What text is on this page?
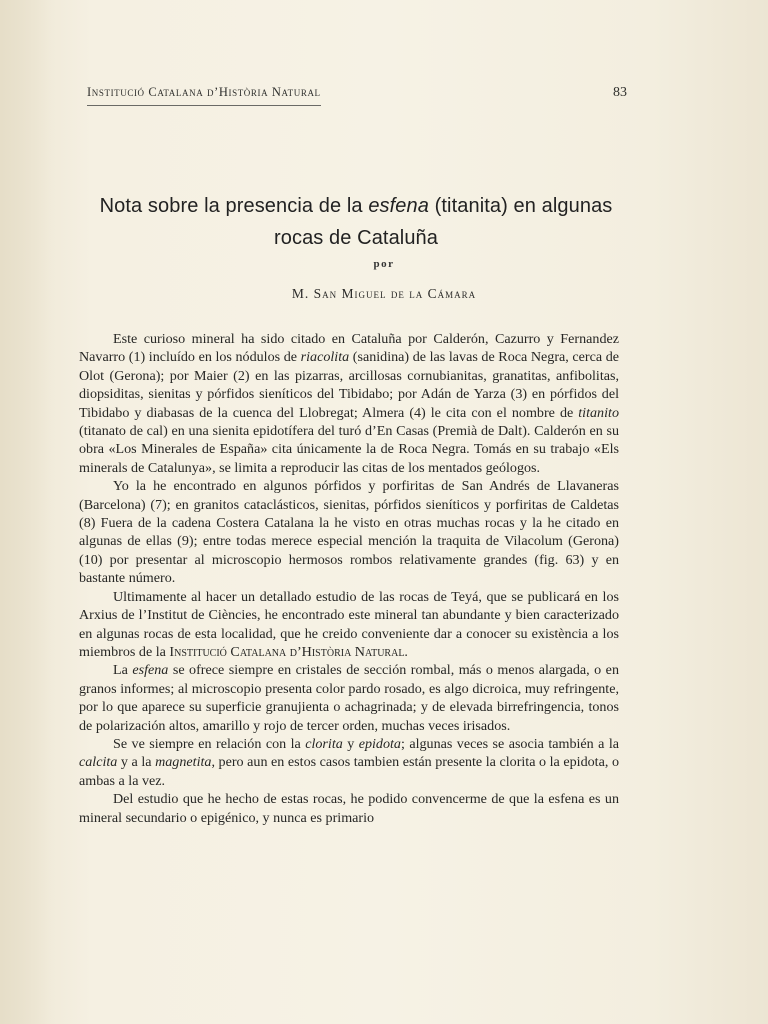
Institució Catalana d’Història Natural	83
Nota sobre la presencia de la esfena (titanita) en algunas rocas de Cataluña
por
M. San Miguel de la Cámara

Este curioso mineral ha sido citado en Cataluña por Calderón, Cazurro y Fernandez Navarro (1) incluído en los nódulos de riacolita (sanidina) de las lavas de Roca Negra, cerca de Olot (Gerona); por Maier (2) en las pizarras, arcillosas cornubianitas, granatitas, anfibolitas, diopsiditas, sienitas y pórfidos sieníticos del Tibidabo; por Adán de Yarza (3) en pórfidos del Tibidabo y diabasas de la cuenca del Llobregat; Almera (4) le cita con el nombre de titanito (titanato de cal) en una sienita epidotífera del turó d’En Casas (Premià de Dalt). Calderón en su obra «Los Minerales de España» cita únicamente la de Roca Negra. Tomás en su trabajo «Els minerals de Catalunya», se limita a reproducir las citas de los mentados geólogos.

Yo la he encontrado en algunos pórfidos y porfiritas de San Andrés de Llavaneras (Barcelona) (7); en granitos cataclásticos, sienitas, pórfidos sieníticos y porfiritas de Caldetas (8) Fuera de la cadena Costera Catalana la he visto en otras muchas rocas y la he citado en algunas de ellas (9); entre todas merece especial mención la traquita de Vilacolum (Gerona) (10) por presentar al microscopio hermosos rombos relativamente grandes (fig. 63) y en bastante número.

Ultimamente al hacer un detallado estudio de las rocas de Teyá, que se publicará en los Arxius de l’Institut de Ciències, he encontrado este mineral tan abundante y bien caracterizado en algunas rocas de esta localidad, que he creido conveniente dar a conocer su existència a los miembros de la Institució Catalana d’Història Natural.

La esfena se ofrece siempre en cristales de sección rombal, más o menos alargada, o en granos informes; al microscopio presenta color pardo rosado, es algo dicroica, muy refringente, por lo que aparece su superficie granujienta o achagrinada; y de elevada birrefringencia, tonos de polarización altos, amarillo y rojo de tercer orden, muchas veces irisados.

Se ve siempre en relación con la clorita y epidota; algunas veces se asocia también a la calcita y a la magnetita, pero aun en estos casos tambien están presente la clorita o la epidota, o ambas a la vez.

Del estudio que he hecho de estas rocas, he podido convencerme de que la esfena es un mineral secundario o epigénico, y nunca es primario
